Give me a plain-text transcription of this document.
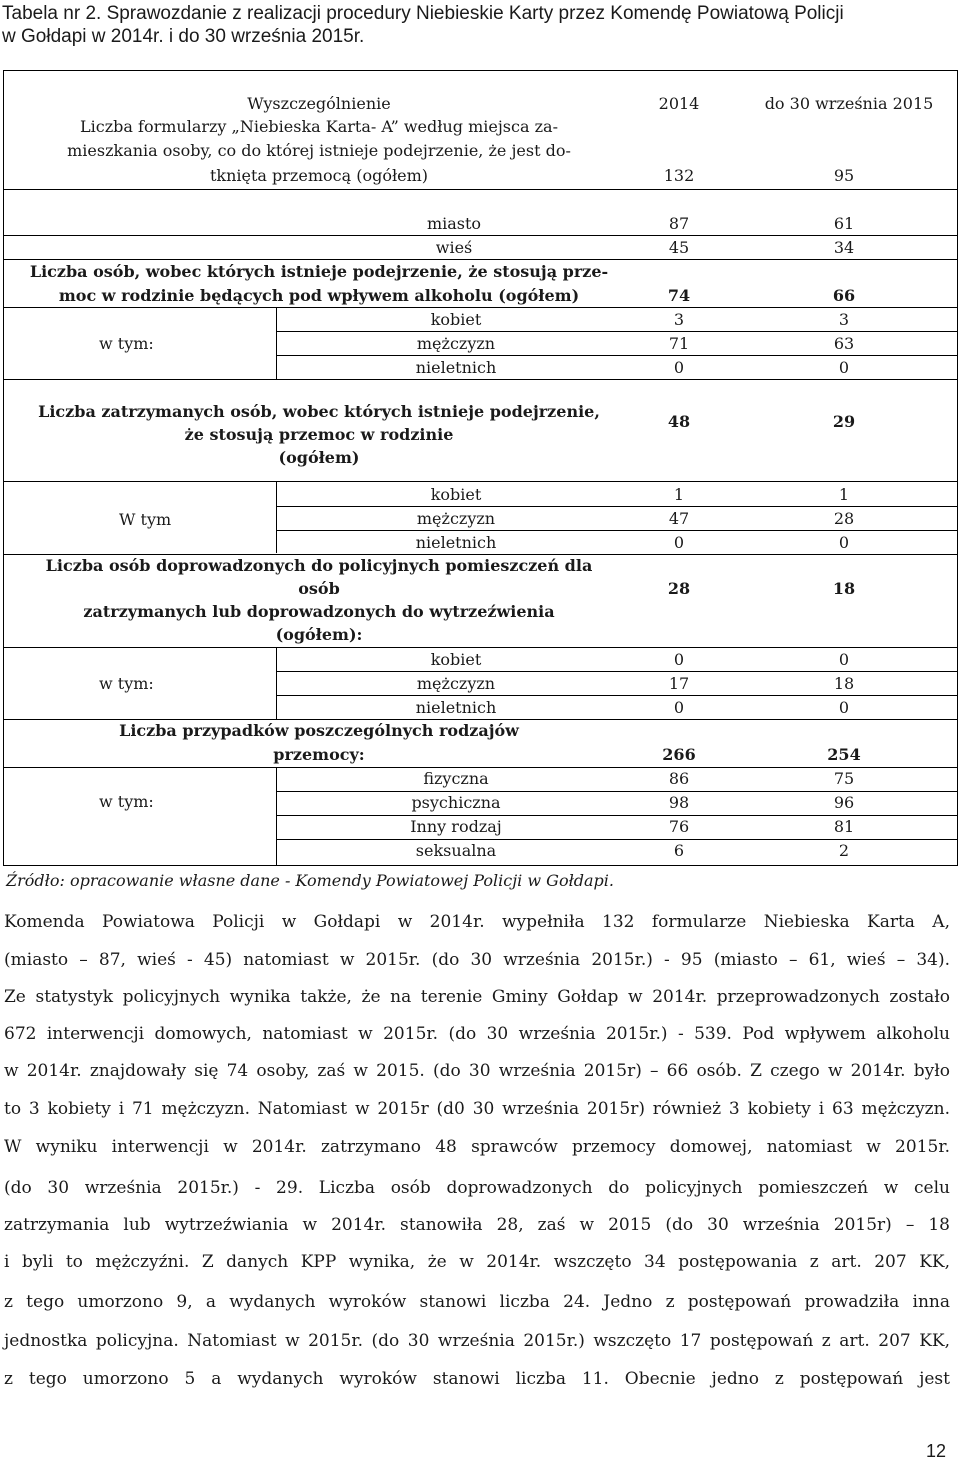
Tabela nr 2. Sprawozdanie z realizacji procedury Niebieskie Karty przez Komendę Powiatową Policji
w Gołdapi w 2014r. i do 30 września 2015r.
Wyszczególnienie	2014	do 30 września 2015
Liczba formularzy „Niebieska Karta- A” według miejsca za-
mieszkania osoby, co do której istnieje podejrzenie, że jest do-
tknięta przemocą (ogółem)	132	95
miasto	87	61
wieś	45	34
Liczba osób, wobec których istnieje podejrzenie, że stosują prze-
moc w rodzinie będących pod wpływem alkoholu (ogółem)	74	66
w tym:
kobiet	3	3
mężczyzn	71	63
nieletnich	0	0
Liczba zatrzymanych osób, wobec których istnieje podejrzenie,
że stosują przemoc w rodzinie
(ogółem)
48	29
W tym
kobiet	1	1
mężczyzn	47	28
nieletnich	0	0
Liczba osób doprowadzonych do policyjnych pomieszczeń dla
osób
zatrzymanych lub doprowadzonych do wytrzeźwienia
(ogółem):
28	18
w tym:
kobiet	0	0
mężczyzn	17	18
nieletnich	0	0
Liczba przypadków poszczególnych rodzajów
przemocy:	266	254
w tym:
fizyczna	86	75
psychiczna	98	96
Inny rodzaj	76	81
seksualna	6	2
Źródło: opracowanie własne dane - Komendy Powiatowej Policji w Gołdapi.
Komenda Powiatowa Policji w Gołdapi w 2014r. wypełniła 132 formularze Niebieska Karta A,
(miasto – 87, wieś - 45) natomiast w 2015r. (do 30 września 2015r.) - 95 (miasto – 61, wieś – 34).
Ze statystyk policyjnych wynika także, że na terenie Gminy Gołdap w 2014r. przeprowadzonych zostało
672 interwencji domowych, natomiast w 2015r. (do 30 września 2015r.) - 539. Pod wpływem alkoholu
w 2014r. znajdowały się 74 osoby, zaś w 2015. (do 30 września 2015r) – 66 osób. Z czego w 2014r. było
to 3 kobiety i 71 mężczyzn. Natomiast w 2015r (d0 30 września 2015r) również 3 kobiety i 63 mężczyzn.
W wyniku interwencji w 2014r. zatrzymano 48 sprawców przemocy domowej, natomiast w 2015r.
(do 30 września 2015r.) - 29. Liczba osób doprowadzonych do policyjnych pomieszczeń w celu
zatrzymania lub wytrzeźwiania w 2014r. stanowiła 28, zaś w 2015 (do 30 września 2015r) – 18
i byli to mężczyźni. Z danych KPP wynika, że w 2014r. wszczęto 34 postępowania z art. 207 KK,
z tego umorzono 9, a wydanych wyroków stanowi liczba 24. Jedno z postępowań prowadziła inna
jednostka policyjna. Natomiast w 2015r. (do 30 września 2015r.) wszczęto 17 postępowań z art. 207 KK,
z tego umorzono 5 a wydanych wyroków stanowi liczba 11. Obecnie jedno z postępowań jest
12
